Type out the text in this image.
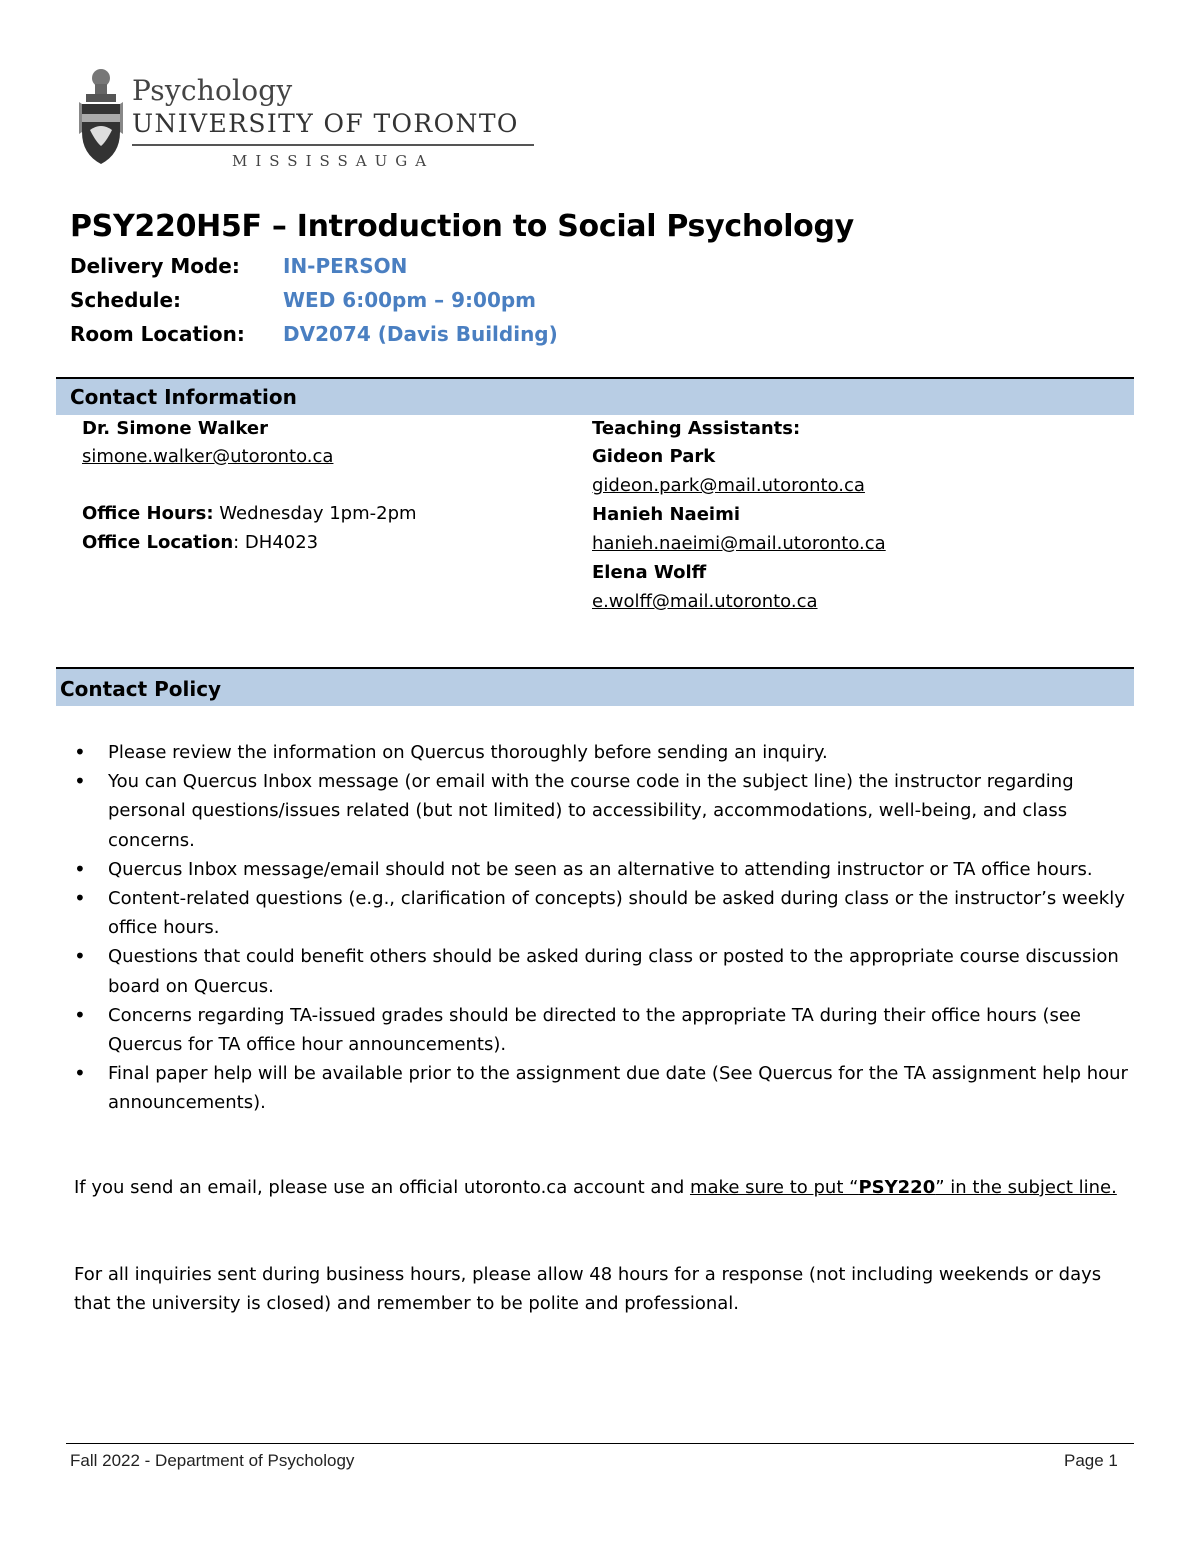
Psychology
UNIVERSITY OF TORONTO
MISSISSAUGA
PSY220H5F – Introduction to Social Psychology
Delivery Mode: IN-PERSON
Schedule:	WED 6:00pm – 9:00pm
Room Location: DV2074 (Davis Building)
Contact Information
Dr. Simone Walker
simone.walker@utoronto.ca
Office Hours: Wednesday 1pm-2pm
Office Location: DH4023
Teaching Assistants:
Gideon Park
gideon.park@mail.utoronto.ca
Hanieh Naeimi
hanieh.naeimi@mail.utoronto.ca
Elena Wolff
e.wolff@mail.utoronto.ca
Contact Policy
• Please review the information on Quercus thoroughly before sending an inquiry.
• You can Quercus Inbox message (or email with the course code in the subject line) the instructor regarding personal questions/issues related (but not limited) to accessibility, accommodations, well-being, and class concerns.
• Quercus Inbox message/email should not be seen as an alternative to attending instructor or TA office hours.
• Content-related questions (e.g., clarification of concepts) should be asked during class or the instructor’s weekly office hours.
• Questions that could benefit others should be asked during class or posted to the appropriate course discussion board on Quercus.
• Concerns regarding TA-issued grades should be directed to the appropriate TA during their office hours (see Quercus for TA office hour announcements).
• Final paper help will be available prior to the assignment due date (See Quercus for the TA assignment help hour announcements).
If you send an email, please use an official utoronto.ca account and make sure to put “PSY220” in the subject line.
For all inquiries sent during business hours, please allow 48 hours for a response (not including weekends or days that the university is closed) and remember to be polite and professional.
Fall 2022 - Department of Psychology	Page 1
